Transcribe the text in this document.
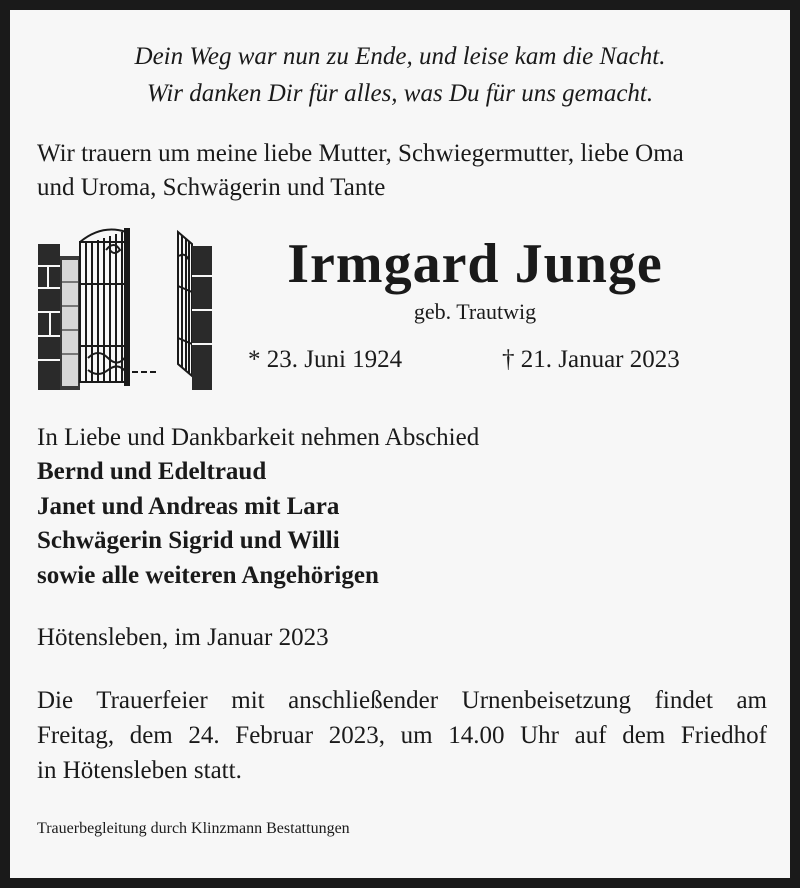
Dein Weg war nun zu Ende, und leise kam die Nacht.
Wir danken Dir für alles, was Du für uns gemacht.
Wir trauern um meine liebe Mutter, Schwiegermutter, liebe Oma
und Uroma, Schwägerin und Tante
Irmgard Junge
geb. Trautwig
* 23. Juni 1924	† 21. Januar 2023
In Liebe und Dankbarkeit nehmen Abschied
Bernd und Edeltraud
Janet und Andreas mit Lara
Schwägerin Sigrid und Willi
sowie alle weiteren Angehörigen
Hötensleben, im Januar 2023
Die Trauerfeier mit anschließender Urnenbeisetzung findet am
Freitag, dem 24. Februar 2023, um 14.00 Uhr auf dem Friedhof
in Hötensleben statt.
Trauerbegleitung durch Klinzmann Bestattungen
